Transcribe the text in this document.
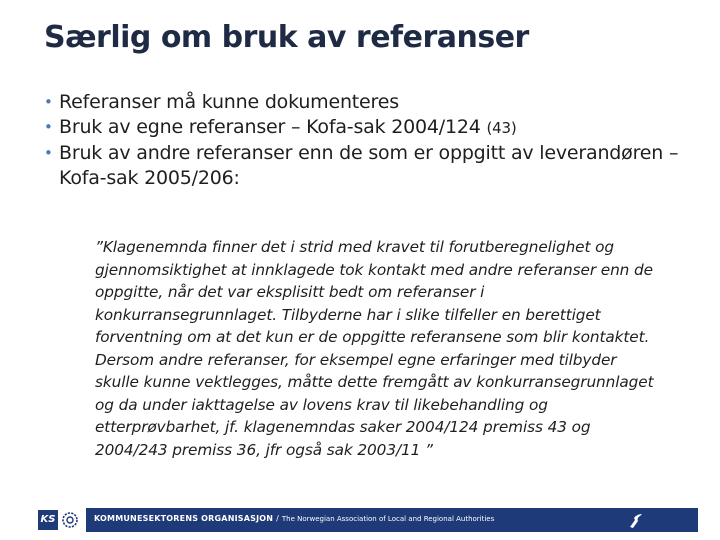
Særlig om bruk av referanser
• Referanser må kunne dokumenteres
• Bruk av egne referanser – Kofa-sak 2004/124 (43)
• Bruk av andre referanser enn de som er oppgitt av leverandøren – Kofa-sak 2005/206:
”Klagenemnda finner det i strid med kravet til forutberegnelighet og gjennomsiktighet at innklagede tok kontakt med andre referanser enn de oppgitte, når det var eksplisitt bedt om referanser i konkurransegrunnlaget. Tilbyderne har i slike tilfeller en berettiget forventning om at det kun er de oppgitte referansene som blir kontaktet. Dersom andre referanser, for eksempel egne erfaringer med tilbyder skulle kunne vektlegges, måtte dette fremgått av konkurransegrunnlaget og da under iakttagelse av lovens krav til likebehandling og etterprøvbarhet, jf. klagenemndas saker 2004/124 premiss 43 og 2004/243 premiss 36, jfr også sak 2003/11 ”
KS	KOMMUNESEKTORENS ORGANISASJON / The Norwegian Association of Local and Regional Authorities
